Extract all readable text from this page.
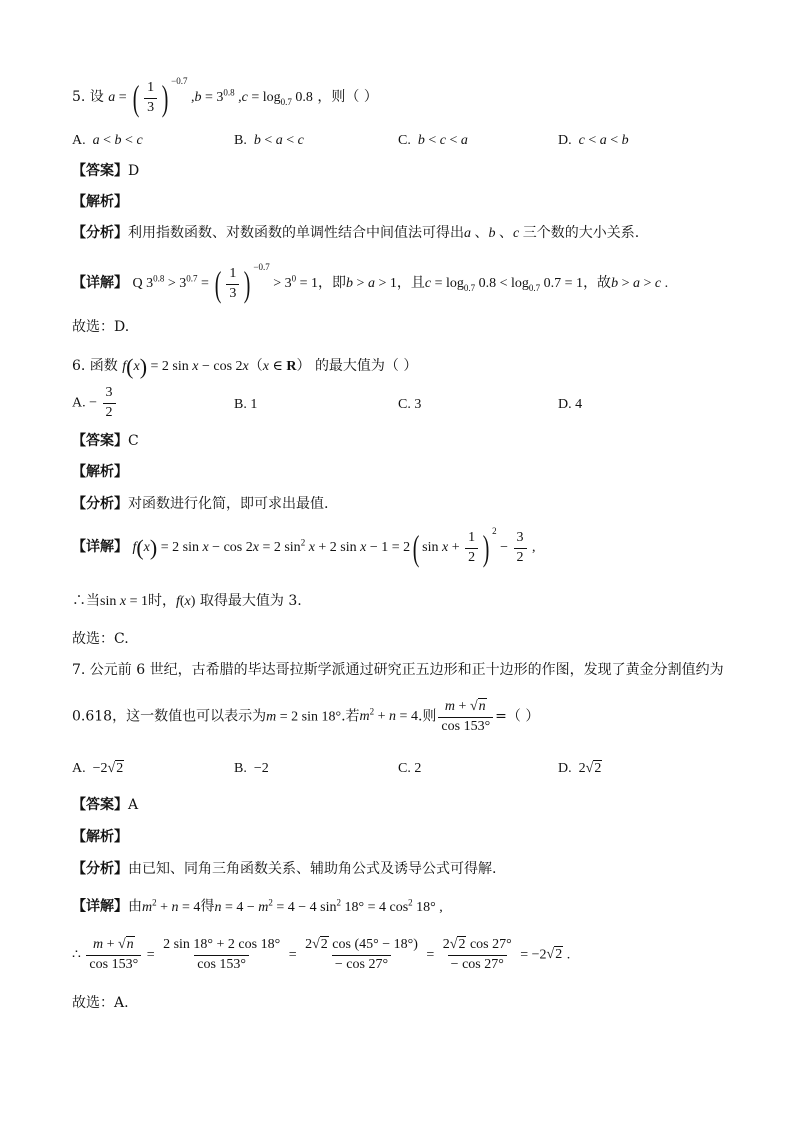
5. 设 a = ( $\frac{1}{3}$ ) $^{-0.7}$ $,b = 3^{0.8}$ $,c = \log_{0.7} 0.8$ ，则（ ）
A. a < b < c	B. b < a < c	C. b < c < a	D. c < a < b
【答案】D
【解析】
【分析】利用指数函数、对数函数的单调性结合中间值法可得出a 、b 、c 三个数的大小关系.
【详解】 Q $3^{0.8} > 3^{0.7}$ = ( $\frac{1}{3}$ ) $^{-0.7} > 3^0 = 1$，即b > a > 1，且$c = \log_{0.7} 0.8 < \log_{0.7} 0.7 = 1$，故b > a > c .
故选：D.
6. 函数 f(x) = 2 sin x − cos 2x（x ∈ R） 的最大值为（ ）
A. − $\frac{3}{2}$	B. 1	C. 3	D. 4
【答案】C
【解析】
【分析】对函数进行化简，即可求出最值.
【详解】 f(x) = 2 sin x − cos 2x = 2 $\sin^2 x + 2$ sin x − 1 = 2( $\sin x + \frac{1}{2}$ ) $^2 - \frac{3}{2}$ ,
∴当sin x = 1时，f(x) 取得最大值为 3.
故选：C.
7. 公元前 6 世纪，古希腊的毕达哥拉斯学派通过研究正五边形和正十边形的作图，发现了黄金分割值约为
0.618，这一数值也可以表示为m = 2 sin 18°.若$m^2 + n = 4$.则 $\frac{m + √n}{\cos 153^\circ}$ =（ ）
A.  −2√2	B.  −2	C. 2	D.  2√2
【答案】A
【解析】
【分析】由已知、同角三角函数关系、辅助角公式及诱导公式可得解.
【详解】由$m^2 + n = 4$得$n = 4 - m^2 = 4 - 4$ $\sin^2 18^\circ = 4$ $\cos^2 18^\circ$ ,
∴ $\frac{m + √n}{\cos 153^\circ} = \frac{2 \sin 18^\circ + 2 \cos 18^\circ}{\cos 153^\circ} = \frac{2√2 \cos (45^\circ - 18^\circ)}{- \cos 27^\circ} = \frac{2√2 \cos 27^\circ}{- \cos 27^\circ} = -2√2$ .
故选：A.
